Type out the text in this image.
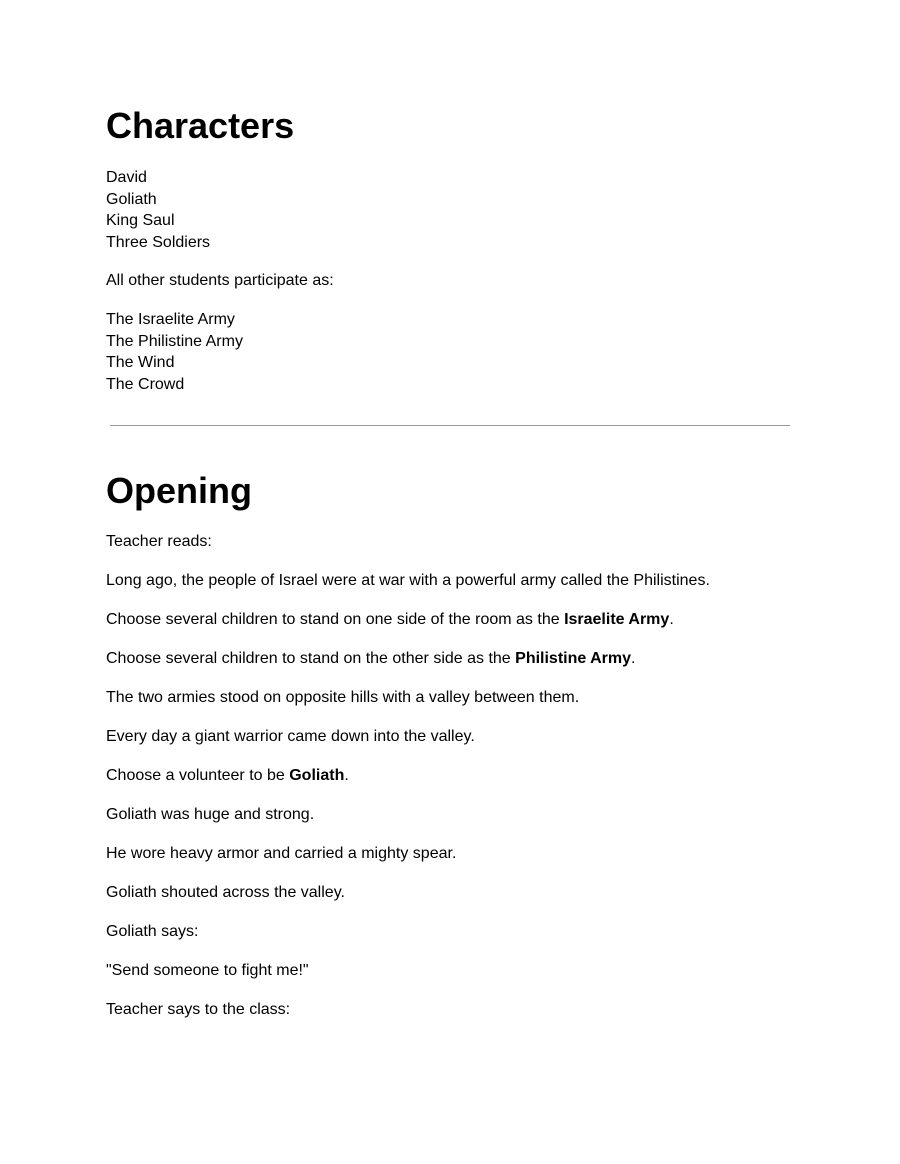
Characters
David
Goliath
King Saul
Three Soldiers
All other students participate as:
The Israelite Army
The Philistine Army
The Wind
The Crowd
Opening
Teacher reads:
Long ago, the people of Israel were at war with a powerful army called the Philistines.
Choose several children to stand on one side of the room as the Israelite Army.
Choose several children to stand on the other side as the Philistine Army.
The two armies stood on opposite hills with a valley between them.
Every day a giant warrior came down into the valley.
Choose a volunteer to be Goliath.
Goliath was huge and strong.
He wore heavy armor and carried a mighty spear.
Goliath shouted across the valley.
Goliath says:
"Send someone to fight me!"
Teacher says to the class:
